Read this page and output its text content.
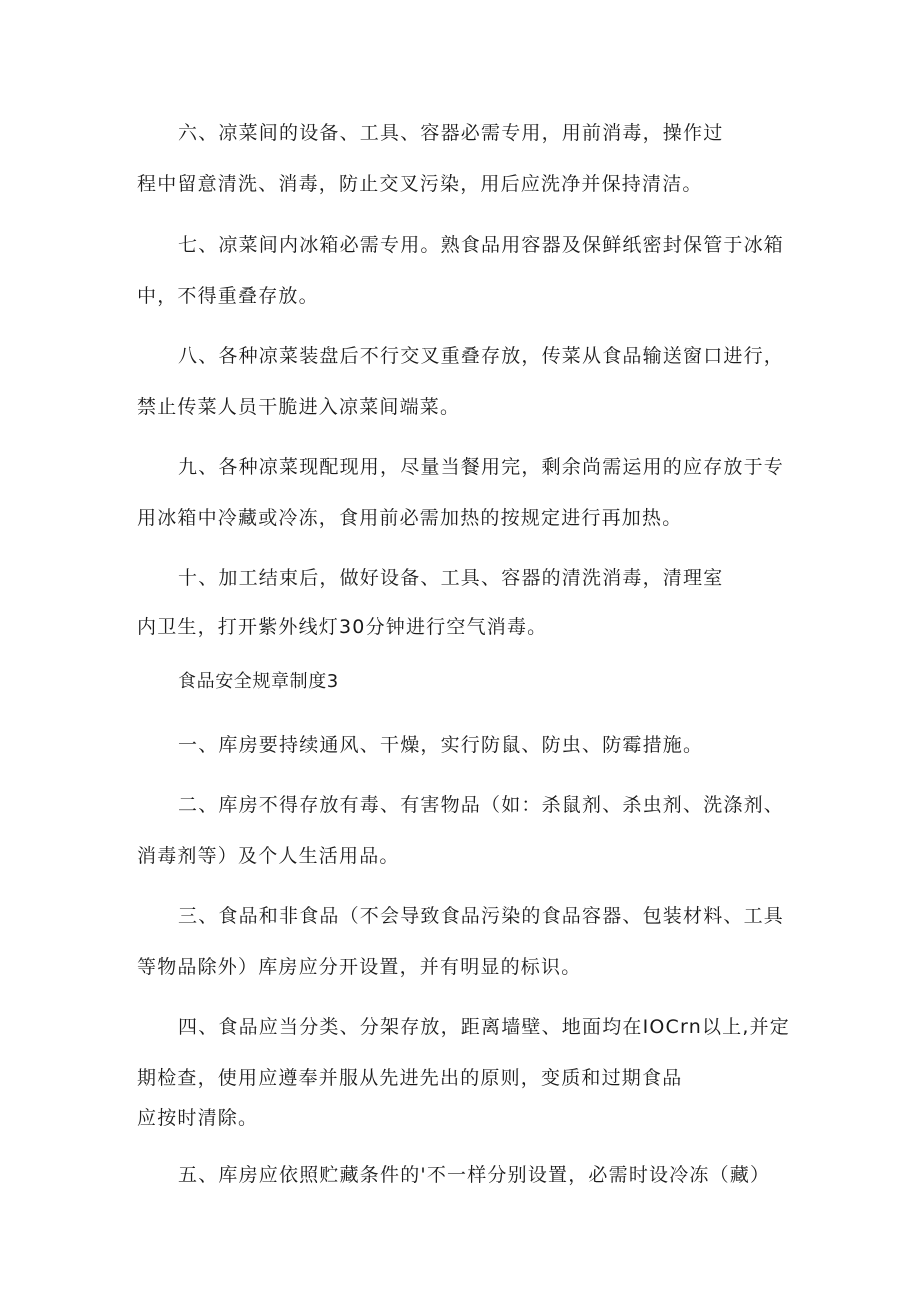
六、凉菜间的设备、工具、容器必需专用，用前消毒，操作过
程中留意清洗、消毒，防止交叉污染，用后应洗净并保持清洁。
七、凉菜间内冰箱必需专用。熟食品用容器及保鲜纸密封保管于冰箱
中，不得重叠存放。
八、各种凉菜装盘后不行交叉重叠存放，传菜从食品输送窗口进行，
禁止传菜人员干脆进入凉菜间端菜。
九、各种凉菜现配现用，尽量当餐用完，剩余尚需运用的应存放于专
用冰箱中冷藏或冷冻，食用前必需加热的按规定进行再加热。
十、加工结束后，做好设备、工具、容器的清洗消毒，清理室
内卫生，打开紫外线灯30分钟进行空气消毒。
食品安全规章制度3
一、库房要持续通风、干燥，实行防鼠、防虫、防霉措施。
二、库房不得存放有毒、有害物品（如：杀鼠剂、杀虫剂、洗涤剂、
消毒剂等）及个人生活用品。
三、食品和非食品（不会导致食品污染的食品容器、包装材料、工具
等物品除外）库房应分开设置，并有明显的标识。
四、食品应当分类、分架存放，距离墙壁、地面均在IOCrn以上,并定
期检查，使用应遵奉并服从先进先出的原则，变质和过期食品
应按时清除。
五、库房应依照贮藏条件的'不一样分别设置，必需时设冷冻（藏）
